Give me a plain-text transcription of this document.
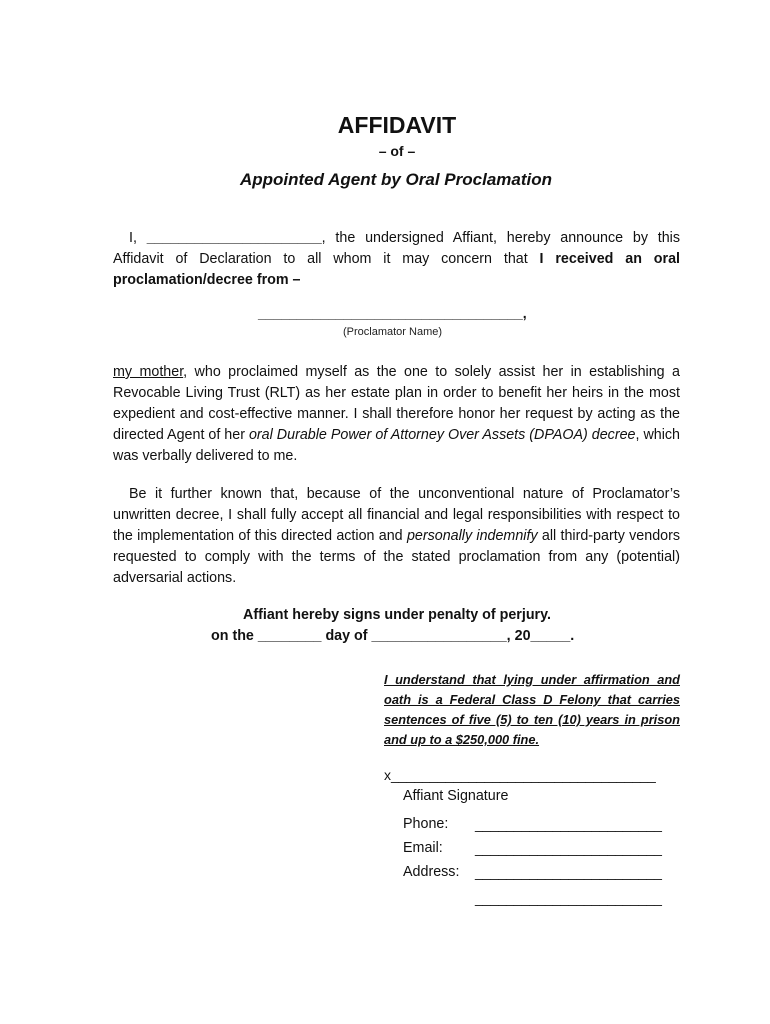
AFFIDAVIT
– of –
Appointed Agent by Oral Proclamation

I, ______________________, the undersigned Affiant, hereby announce by this Affidavit of Declaration to all whom it may concern that I received an oral proclamation/decree from –

__________________________________,
(Proclamator Name)

my mother, who proclaimed myself as the one to solely assist her in establishing a Revocable Living Trust (RLT) as her estate plan in order to benefit her heirs in the most expedient and cost-effective manner. I shall therefore honor her request by acting as the directed Agent of her oral Durable Power of Attorney Over Assets (DPAOA) decree, which was verbally delivered to me.

Be it further known that, because of the unconventional nature of Proclamator’s unwritten decree, I shall fully accept all financial and legal responsibilities with respect to the implementation of this directed action and personally indemnify all third-party vendors requested to comply with the terms of the stated proclamation from any (potential) adversarial actions.

Affiant hereby signs under penalty of perjury.
on the ________ day of _________________, 20_____.

I understand that lying under affirmation and oath is a Federal Class D Felony that carries sentences of five (5) to ten (10) years in prison and up to a $250,000 fine.

x__________________________________
Affiant Signature
Phone: ________________________
Email: ________________________
Address: ________________________
________________________
